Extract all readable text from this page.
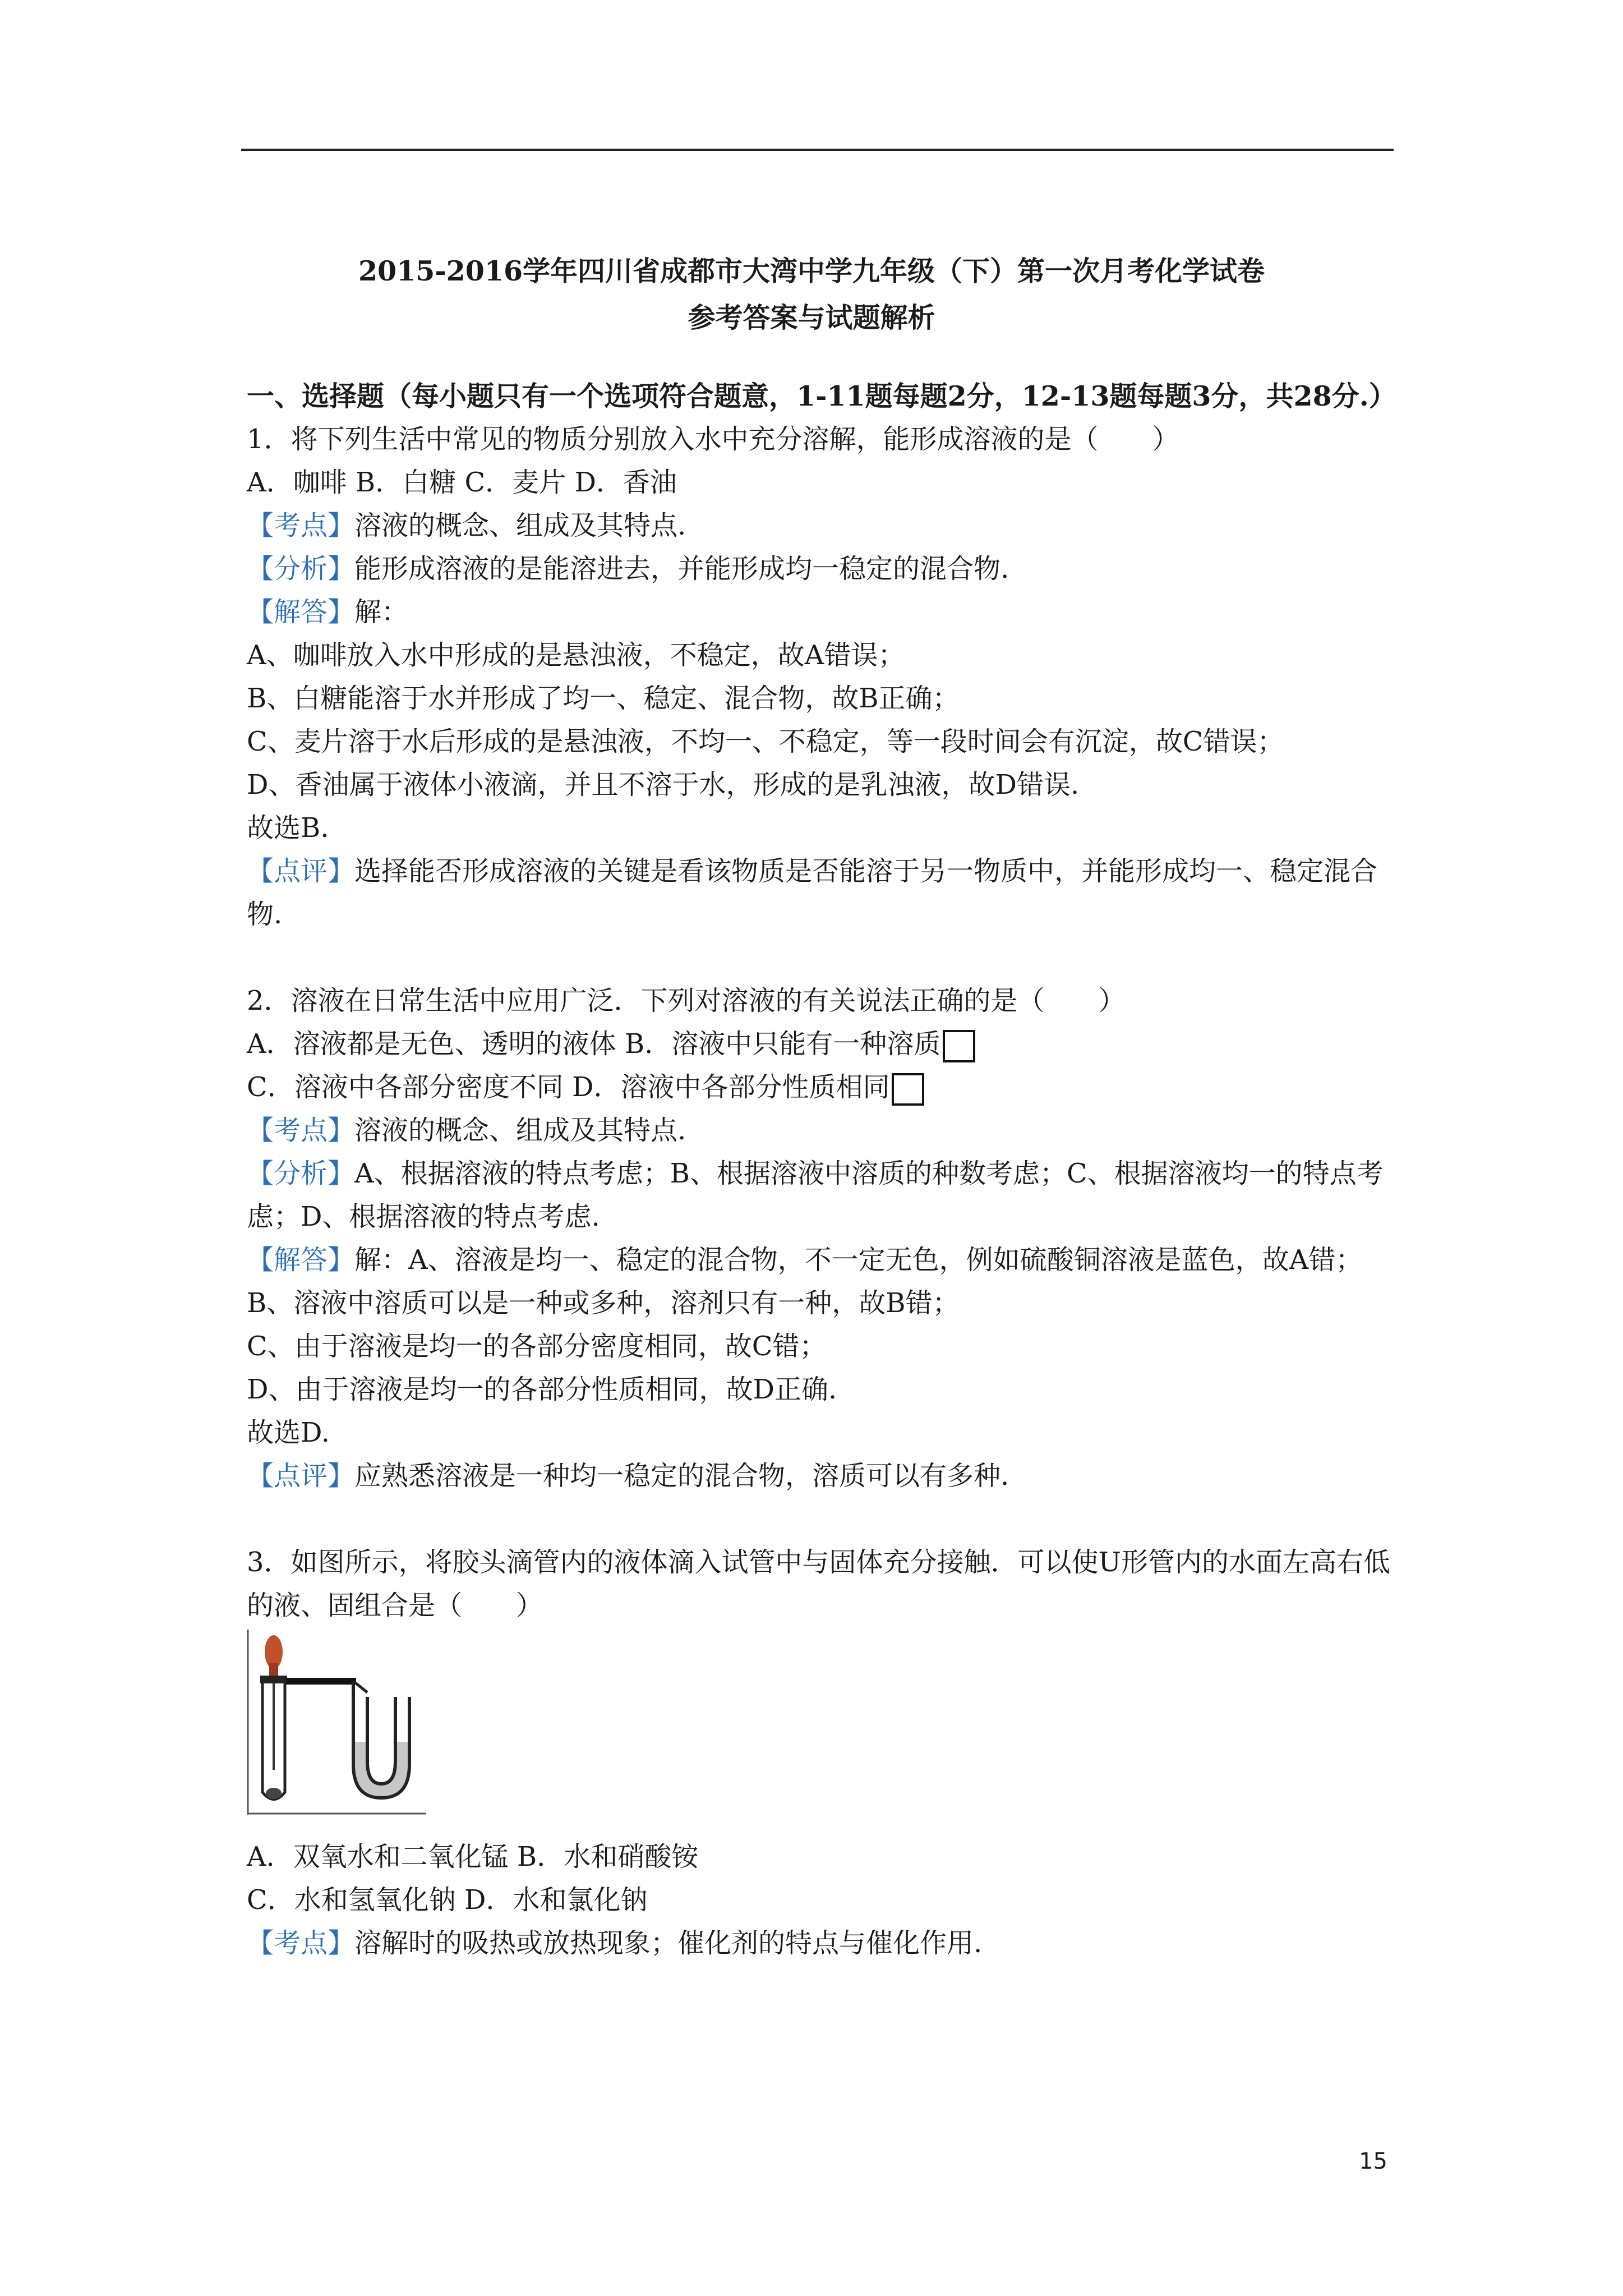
2015-2016学年四川省成都市大湾中学九年级（下）第一次月考化学试卷
参考答案与试题解析
一、选择题（每小题只有一个选项符合题意，1-11题每题2分，12-13题每题3分，共28分.）
1．将下列生活中常见的物质分别放入水中充分溶解，能形成溶液的是（　　）
A．咖啡 B．白糖 C．麦片 D．香油
【考点】溶液的概念、组成及其特点.
【分析】能形成溶液的是能溶进去，并能形成均一稳定的混合物.
【解答】解：
A、咖啡放入水中形成的是悬浊液，不稳定，故A错误；
B、白糖能溶于水并形成了均一、稳定、混合物，故B正确；
C、麦片溶于水后形成的是悬浊液，不均一、不稳定，等一段时间会有沉淀，故C错误；
D、香油属于液体小液滴，并且不溶于水，形成的是乳浊液，故D错误.
故选B.
【点评】选择能否形成溶液的关键是看该物质是否能溶于另一物质中，并能形成均一、稳定混合物.
2．溶液在日常生活中应用广泛．下列对溶液的有关说法正确的是（　　）
A．溶液都是无色、透明的液体 B．溶液中只能有一种溶质
C．溶液中各部分密度不同 D．溶液中各部分性质相同
【考点】溶液的概念、组成及其特点.
【分析】A、根据溶液的特点考虑；B、根据溶液中溶质的种数考虑；C、根据溶液均一的特点考虑；D、根据溶液的特点考虑.
【解答】解：A、溶液是均一、稳定的混合物，不一定无色，例如硫酸铜溶液是蓝色，故A错；
B、溶液中溶质可以是一种或多种，溶剂只有一种，故B错；
C、由于溶液是均一的各部分密度相同，故C错；
D、由于溶液是均一的各部分性质相同，故D正确.
故选D.
【点评】应熟悉溶液是一种均一稳定的混合物，溶质可以有多种.
3．如图所示，将胶头滴管内的液体滴入试管中与固体充分接触．可以使U形管内的水面左高右低的液、固组合是（　　）
A．双氧水和二氧化锰 B．水和硝酸铵
C．水和氢氧化钠 D．水和氯化钠
【考点】溶解时的吸热或放热现象；催化剂的特点与催化作用.
15
